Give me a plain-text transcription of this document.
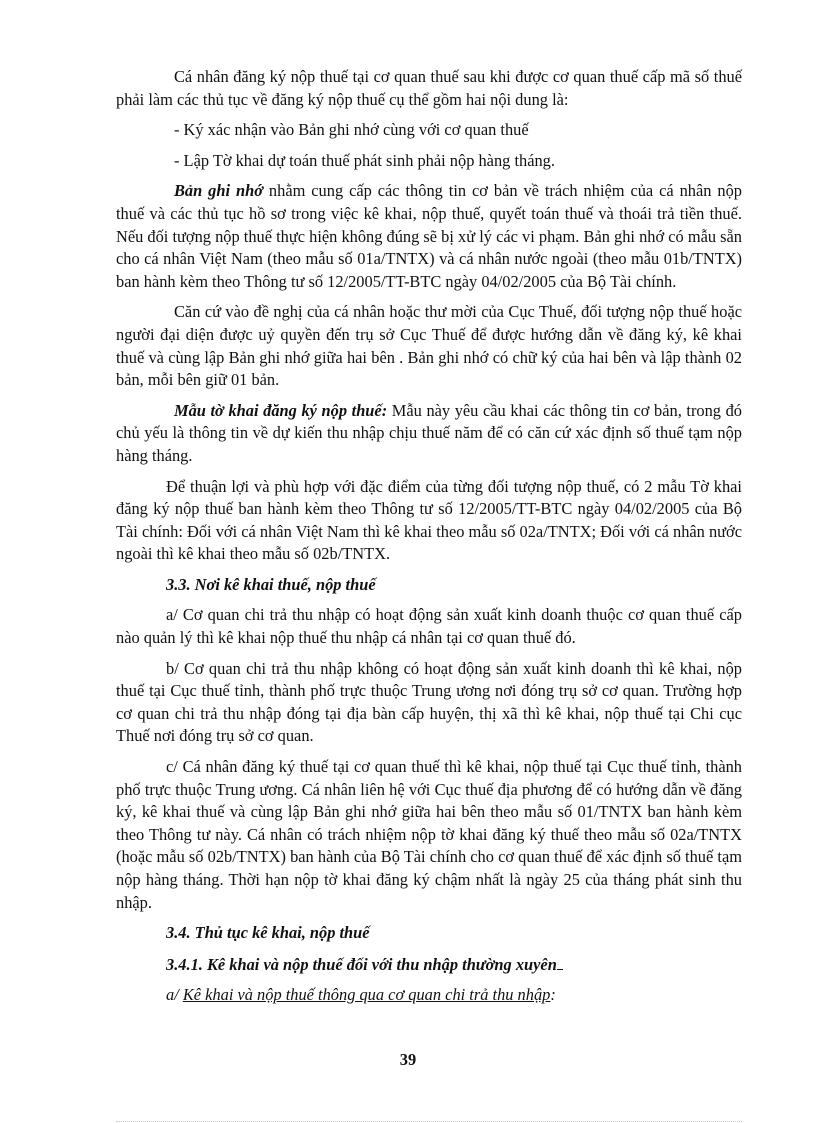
Cá nhân đăng ký nộp thuế tại cơ quan thuế sau khi được cơ quan thuế cấp mã số thuế phải làm các thủ tục về đăng ký nộp thuế cụ thể gồm hai nội dung là:

- Ký xác nhận vào Bản ghi nhớ cùng với cơ quan thuế

- Lập Tờ khai dự toán thuế phát sinh phải nộp hàng tháng.

Bản ghi nhớ nhằm cung cấp các thông tin cơ bản về trách nhiệm của cá nhân nộp thuế và các thủ tục hồ sơ trong việc kê khai, nộp thuế, quyết toán thuế và thoái trả tiền thuế. Nếu đối tượng nộp thuế thực hiện không đúng sẽ bị xử lý các vi phạm. Bản ghi nhớ có mẫu sẵn cho cá nhân Việt Nam (theo mẫu số 01a/TNTX) và cá nhân nước ngoài (theo mẫu 01b/TNTX) ban hành kèm theo Thông tư số 12/2005/TT-BTC ngày 04/02/2005 của Bộ Tài chính.

Căn cứ vào đề nghị của cá nhân hoặc thư mời của Cục Thuế, đối tượng nộp thuế hoặc người đại diện được uỷ quyền đến trụ sở Cục Thuế để được hướng dẫn về đăng ký, kê khai thuế và cùng lập Bản ghi nhớ giữa hai bên . Bản ghi nhớ có chữ ký của hai bên và lập thành 02 bản, mỗi bên giữ 01 bản.

Mẫu tờ khai đăng ký nộp thuế: Mẫu này yêu cầu khai các thông tin cơ bản, trong đó chủ yếu là thông tin về dự kiến thu nhập chịu thuế năm để có căn cứ xác định số thuế tạm nộp hàng tháng.

Để thuận lợi và phù hợp với đặc điểm của từng đối tượng nộp thuế, có 2 mẫu Tờ khai đăng ký nộp thuế ban hành kèm theo Thông tư số 12/2005/TT-BTC ngày 04/02/2005 của Bộ Tài chính: Đối với cá nhân Việt Nam thì kê khai theo mẫu số 02a/TNTX; Đối với cá nhân nước ngoài thì kê khai theo mẫu số 02b/TNTX.

3.3. Nơi kê khai thuế, nộp thuế

a/ Cơ quan chi trả thu nhập có hoạt động sản xuất kinh doanh thuộc cơ quan thuế cấp nào quản lý thì kê khai nộp thuế thu nhập cá nhân tại cơ quan thuế đó.

b/ Cơ quan chi trả thu nhập không có hoạt động sản xuất kinh doanh thì kê khai, nộp thuế tại Cục thuế tỉnh, thành phố trực thuộc Trung ương nơi đóng trụ sở cơ quan. Trường hợp cơ quan chi trả thu nhập đóng tại địa bàn cấp huyện, thị xã thì kê khai, nộp thuế tại Chi cục Thuế nơi đóng trụ sở cơ quan.

c/ Cá nhân đăng ký thuế tại cơ quan thuế thì kê khai, nộp thuế tại Cục thuế tỉnh, thành phố trực thuộc Trung ương. Cá nhân liên hệ với Cục thuế địa phương để có hướng dẫn về đăng ký, kê khai thuế và cùng lập Bản ghi nhớ giữa hai bên theo mẫu số 01/TNTX ban hành kèm theo Thông tư này. Cá nhân có trách nhiệm nộp tờ khai đăng ký thuế theo mẫu số 02a/TNTX (hoặc mẫu số 02b/TNTX) ban hành của Bộ Tài chính cho cơ quan thuế để xác định số thuế tạm nộp hàng tháng. Thời hạn nộp tờ khai đăng ký chậm nhất là ngày 25 của tháng phát sinh thu nhập.

3.4. Thủ tục kê khai, nộp thuế

3.4.1. Kê khai và nộp thuế đối với thu nhập thường xuyên

a/ Kê khai và nộp thuế thông qua cơ quan chi trả thu nhập:

39
